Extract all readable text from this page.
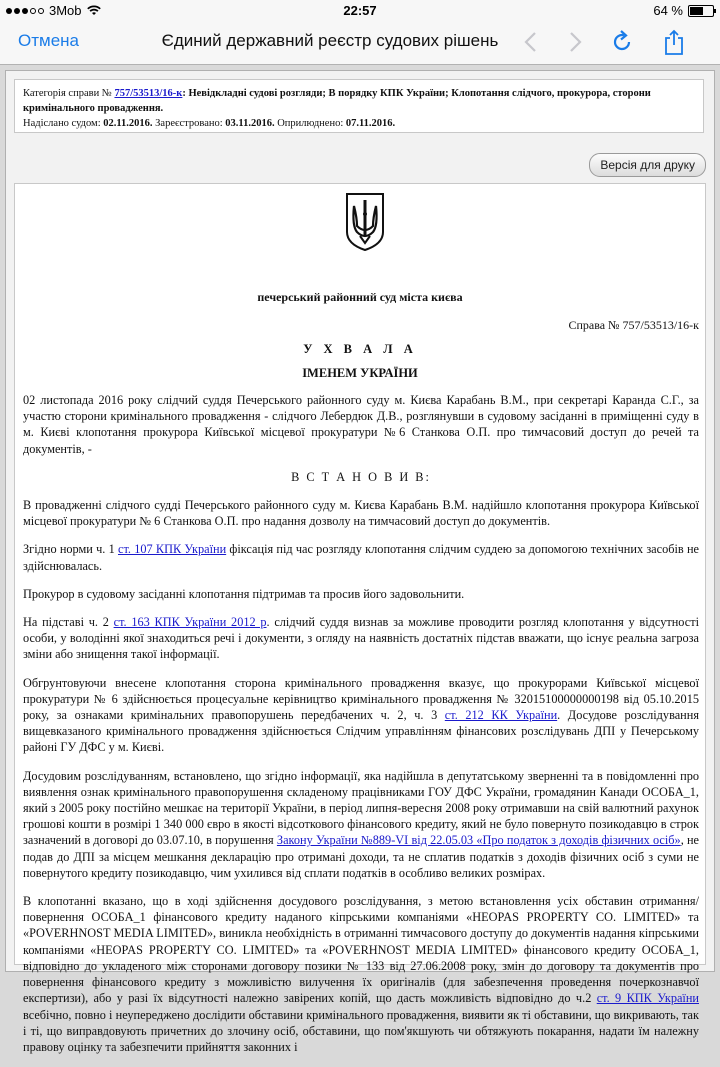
3Mob	22:57	64 %
Отмена	Єдиний державний реєстр судових рішень
Категорія справи № 757/53513/16-к: Невідкладні судові розгляди; В порядку КПК України; Клопотання слідчого, прокурора, сторони кримінального провадження.
Надіслано судом: 02.11.2016. Зареєстровано: 03.11.2016. Оприлюднено: 07.11.2016.
Версія для друку
печерський районний суд міста києва
Справа № 757/53513/16-к
У Х В А Л А
ІМЕНЕМ УКРАЇНИ

02 листопада 2016 року слідчий суддя Печерського районного суду м. Києва Карабань В.М., при секретарі Каранда С.Г., за участю сторони кримінального провадження - слідчого Лебердюк Д.В., розглянувши в судовому засіданні в приміщенні суду в м. Києві клопотання прокурора Київської місцевої прокуратури №6 Станкова О.П. про тимчасовий доступ до речей та документів, -

В С Т А Н О В И В:

В провадженні слідчого судді Печерського районного суду м. Києва Карабань В.М. надійшло клопотання прокурора Київської місцевої прокуратури № 6 Станкова О.П. про надання дозволу на тимчасовий доступ до документів.

Згідно норми ч. 1 ст. 107 КПК України фіксація під час розгляду клопотання слідчим суддею за допомогою технічних засобів не здійснювалась.

Прокурор в судовому засіданні клопотання підтримав та просив його задовольнити.

На підставі ч. 2 ст. 163 КПК України 2012 р. слідчий суддя визнав за можливе проводити розгляд клопотання у відсутності особи, у володінні якої знаходиться речі і документи, з огляду на наявність достатніх підстав вважати, що існує реальна загроза зміни або знищення такої інформації.

Обгрунтовуючи внесене клопотання сторона кримінального провадження вказує, що прокурорами Київської місцевої прокуратури № 6 здійснюється процесуальне керівництво кримінального провадження № 32015100000000198 від 05.10.2015 року, за ознаками кримінальних правопорушень передбачених ч. 2, ч. 3 ст. 212 КК України. Досудове розслідування вищевказаного кримінального провадження здійснюється Слідчим управлінням фінансових розслідувань ДПІ у Печерському районі ГУ ДФС у м. Києві.

Досудовим розслідуванням, встановлено, що згідно інформації, яка надійшла в депутатському зверненні та в повідомленні про виявлення ознак кримінального правопорушення складеному працівниками ГОУ ДФС України, громадянин Канади ОСОБА_1, який з 2005 року постійно мешкає на території України, в період липня-вересня 2008 року отримавши на свій валютний рахунок грошові кошти в розмірі 1 340 000 євро в якості відсоткового фінансового кредиту, який не було повернуто позикодавцю в строк зазначений в договорі до 03.07.10, в порушення Закону України №889-VI від 22.05.03 «Про податок з доходів фізичних осіб», не подав до ДПІ за місцем мешкання декларацію про отримані доходи, та не сплатив податків з доходів фізичних осіб з суми не повернутого кредиту позикодавцю, чим ухилився від сплати податків в особливо великих розмірах.

В клопотанні вказано, що в ході здійснення досудового розслідування, з метою встановлення усіх обставин отримання/повернення ОСОБА_1 фінансового кредиту наданого кіпрськими компаніями «HEOPAS PROPERTY CO. LIMITED» та «POVERHNOST MEDIA LIMITED», виникла необхідність в отриманні тимчасового доступу до документів надання кіпрськими компаніями «HEOPAS PROPERTY CO. LIMITED» та «POVERHNOST MEDIA LIMITED» фінансового кредиту ОСОБА_1, відповідно до укладеного між сторонами договору позики № 133 від 27.06.2008 року, змін до договору та документів про повернення фінансового кредиту з можливістю вилучення їх оригіналів (для забезпечення проведення почеркознавчої експертизи), або у разі їх відсутності належно завірених копій, що дасть можливість відповідно до ч.2 ст. 9 КПК України всебічно, повно і неупереджено дослідити обставини кримінального провадження, виявити як ті обставини, що викривають, так і ті, що виправдовують причетних до злочину осіб, обставини, що пом'якшують чи обтяжують покарання, надати їм належну правову оцінку та забезпечити прийняття законних і
